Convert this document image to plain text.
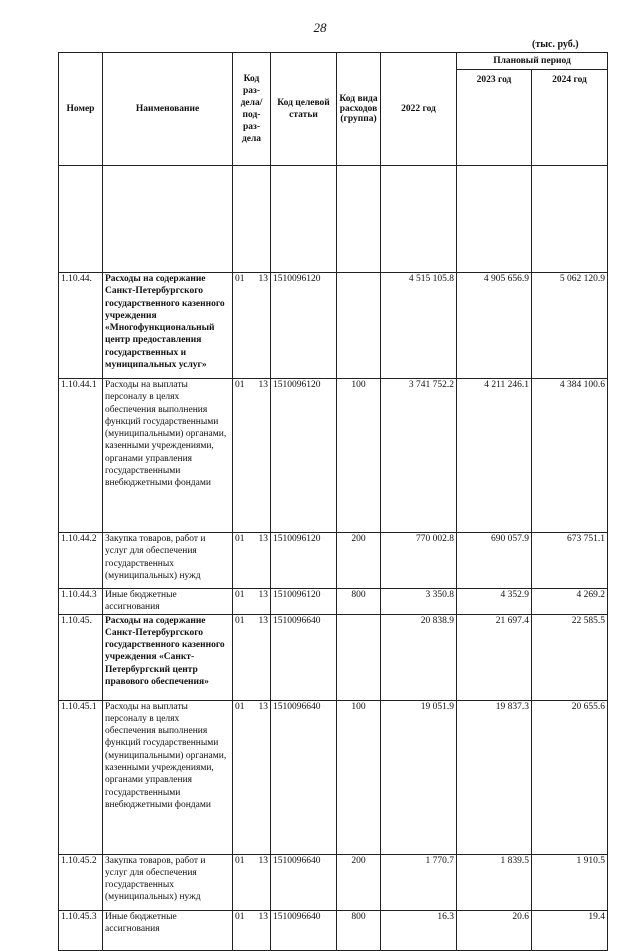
28
(тыс. руб.)
Номер	Наименование	Код раз-дела/ под-раз-дела	Код целевой статьи	Код вида расходов (группа)	2022 год	Плановый период	
						2023 год	2024 год

1.10.44.	Расходы на содержание Санкт-Петербургского государственного казенного учреждения «Многофункциональный центр предоставления государственных и муниципальных услуг»	01 13	1510096120		4 515 105.8	4 905 656.9	5 062 120.9
1.10.44.1	Расходы на выплаты персоналу в целях обеспечения выполнения функций государственными (муниципальными) органами, казенными учреждениями, органами управления государственными внебюджетными фондами	01 13	1510096120	100	3 741 752.2	4 211 246.1	4 384 100.6
1.10.44.2	Закупка товаров, работ и услуг для обеспечения государственных (муниципальных) нужд	01 13	1510096120	200	770 002.8	690 057.9	673 751.1
1.10.44.3	Иные бюджетные ассигнования	01 13	1510096120	800	3 350.8	4 352.9	4 269.2
1.10.45.	Расходы на содержание Санкт-Петербургского государственного казенного учреждения «Санкт-Петербургский центр правового обеспечения»	01 13	1510096640		20 838.9	21 697.4	22 585.5
1.10.45.1	Расходы на выплаты персоналу в целях обеспечения выполнения функций государственными (муниципальными) органами, казенными учреждениями, органами управления государственными внебюджетными фондами	01 13	1510096640	100	19 051.9	19 837.3	20 655.6
1.10.45.2	Закупка товаров, работ и услуг для обеспечения государственных (муниципальных) нужд	01 13	1510096640	200	1 770.7	1 839.5	1 910.5
1.10.45.3	Иные бюджетные ассигнования	01 13	1510096640	800	16.3	20.6	19.4
